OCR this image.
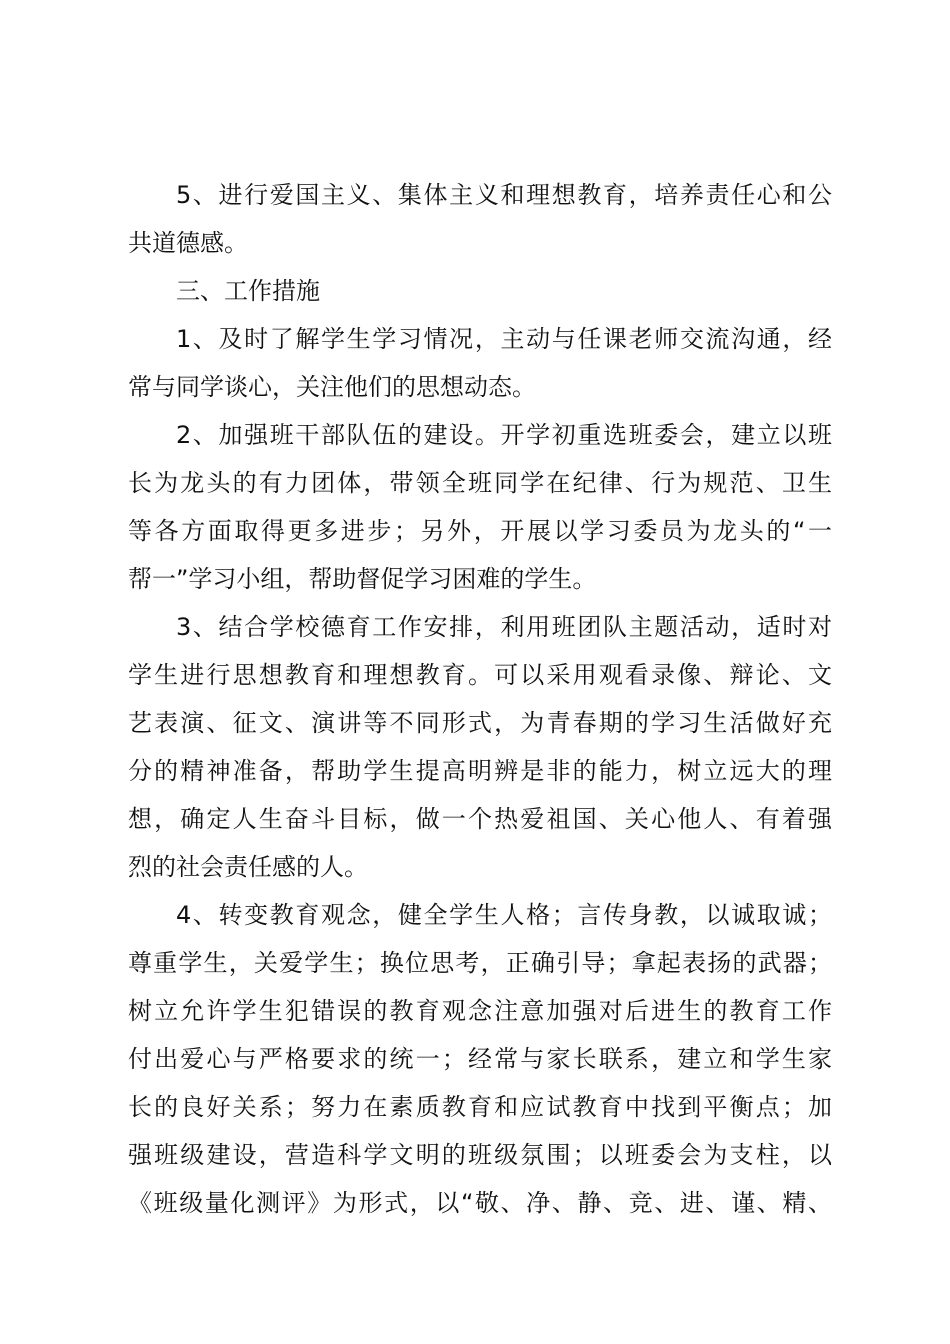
5、进行爱国主义、集体主义和理想教育，培养责任心和公
共道德感。
三、工作措施
1、及时了解学生学习情况，主动与任课老师交流沟通，经
常与同学谈心，关注他们的思想动态。
2、加强班干部队伍的建设。开学初重选班委会，建立以班
长为龙头的有力团体，带领全班同学在纪律、行为规范、卫生
等各方面取得更多进步；另外，开展以学习委员为龙头的“一
帮一”学习小组，帮助督促学习困难的学生。
3、结合学校德育工作安排，利用班团队主题活动，适时对
学生进行思想教育和理想教育。可以采用观看录像、辩论、文
艺表演、征文、演讲等不同形式，为青春期的学习生活做好充
分的精神准备，帮助学生提高明辨是非的能力，树立远大的理
想，确定人生奋斗目标，做一个热爱祖国、关心他人、有着强
烈的社会责任感的人。
4、转变教育观念，健全学生人格；言传身教，以诚取诚；
尊重学生，关爱学生；换位思考，正确引导；拿起表扬的武器；
树立允许学生犯错误的教育观念注意加强对后进生的教育工作
付出爱心与严格要求的统一；经常与家长联系，建立和学生家
长的良好关系；努力在素质教育和应试教育中找到平衡点；加
强班级建设，营造科学文明的班级氛围；以班委会为支柱，以
《班级量化测评》为形式，以“敬、净、静、竞、进、谨、精、
